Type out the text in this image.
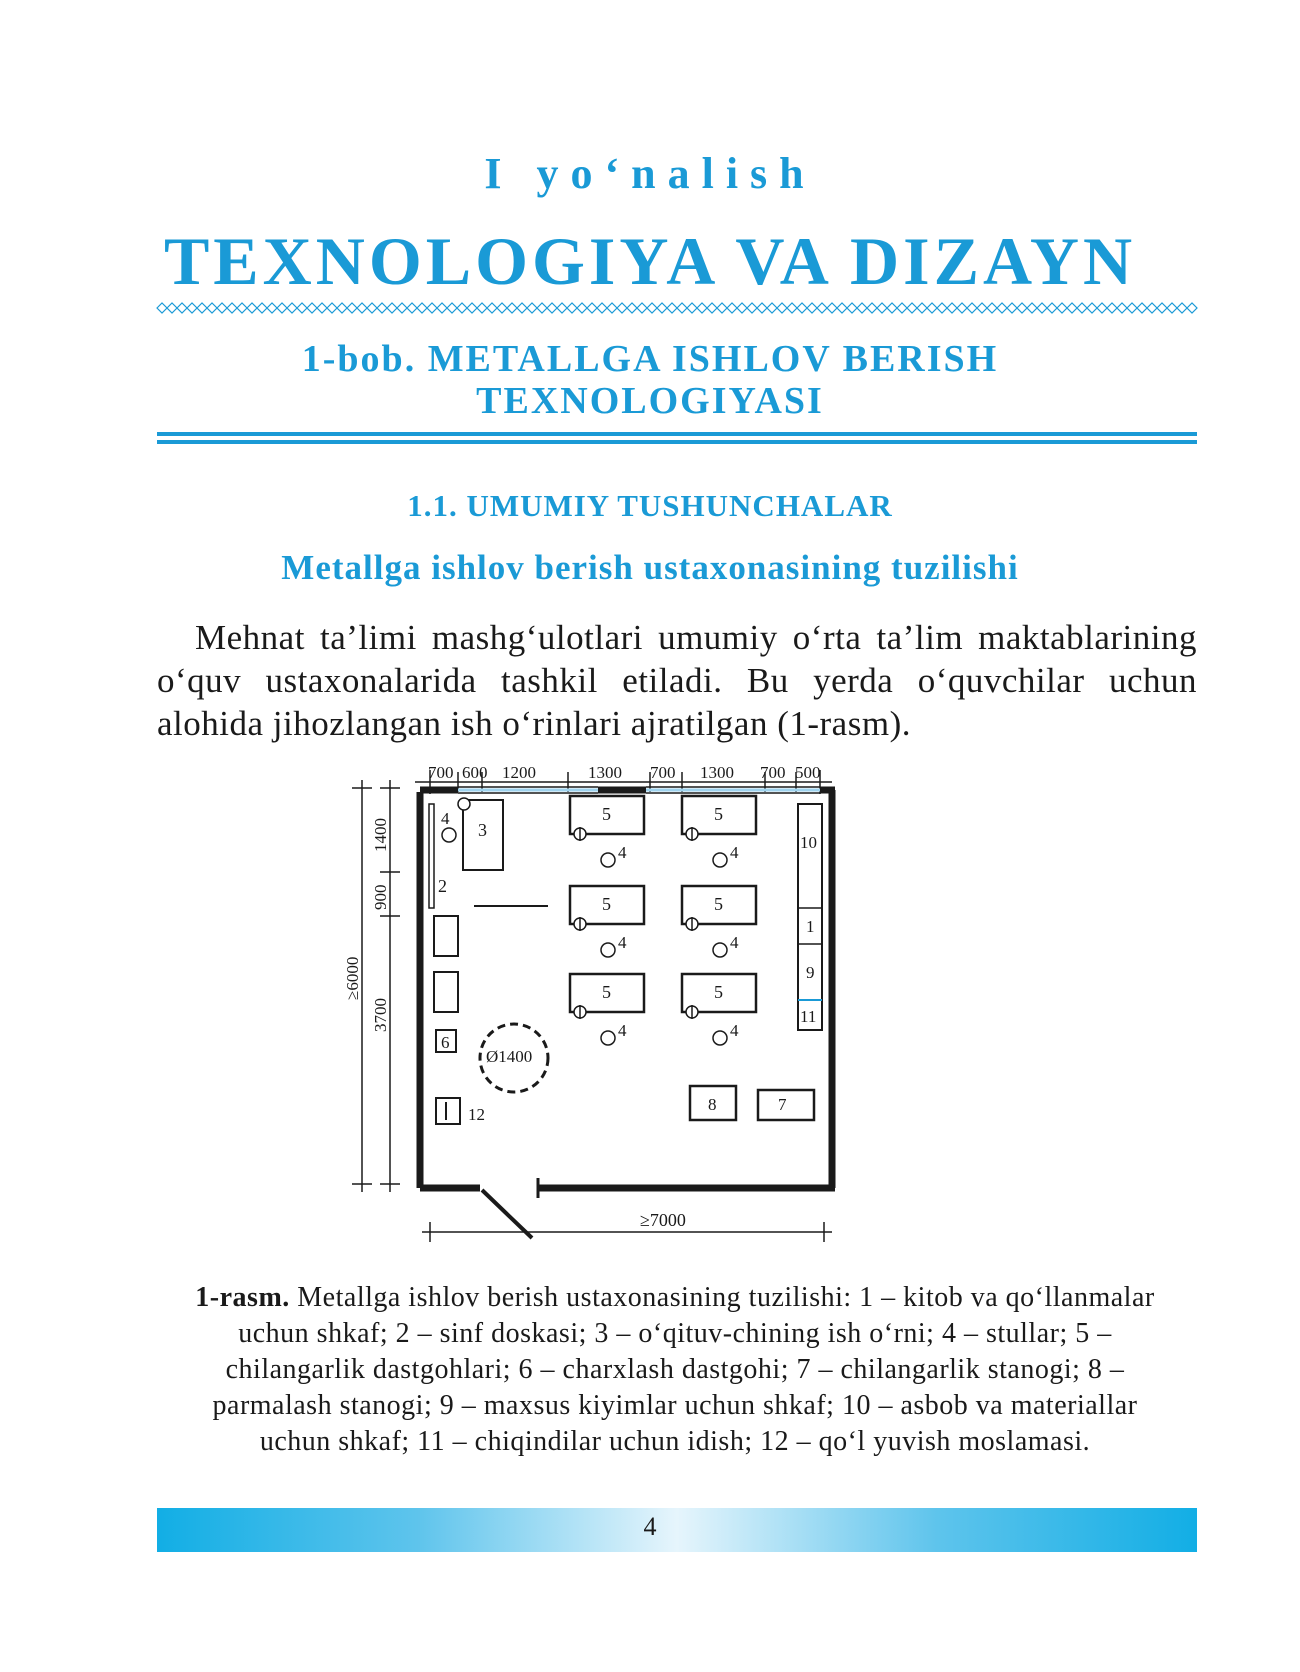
I yo‘nalish
TEXNOLOGIYA VA DIZAYN
1-bob. METALLGA ISHLOV BERISH
TEXNOLOGIYASI
1.1. UMUMIY TUSHUNCHALAR
Metallga ishlov berish ustaxonasining tuzilishi
Mehnat ta’limi mashg‘ulotlari umumiy o‘rta ta’lim maktablarining o‘quv ustaxonalarida tashkil etiladi. Bu yerda o‘quvchilar uchun alohida jihozlangan ish o‘rinlari ajratilgan (1-rasm).
700 600 1200	1300 700 1300 700 500
1400
900
3700
≥6000
≥7000
2
3
4
6
12
Ø1400
5
4
5
4
5
4
5
4
5
4
5
4
10
1
9
11
8	7
1-rasm. Metallga ishlov berish ustaxonasining tuzilishi: 1 – kitob va qo‘llanmalar uchun shkaf; 2 – sinf doskasi; 3 – o‘qituv-chining ish o‘rni; 4 – stullar; 5 – chilangarlik dastgohlari; 6 – charxlash dastgohi; 7 – chilangarlik stanogi; 8 – parmalash stanogi; 9 – maxsus kiyimlar uchun shkaf; 10 – asbob va materiallar uchun shkaf; 11 – chiqindilar uchun idish; 12 – qo‘l yuvish moslamasi.
4
